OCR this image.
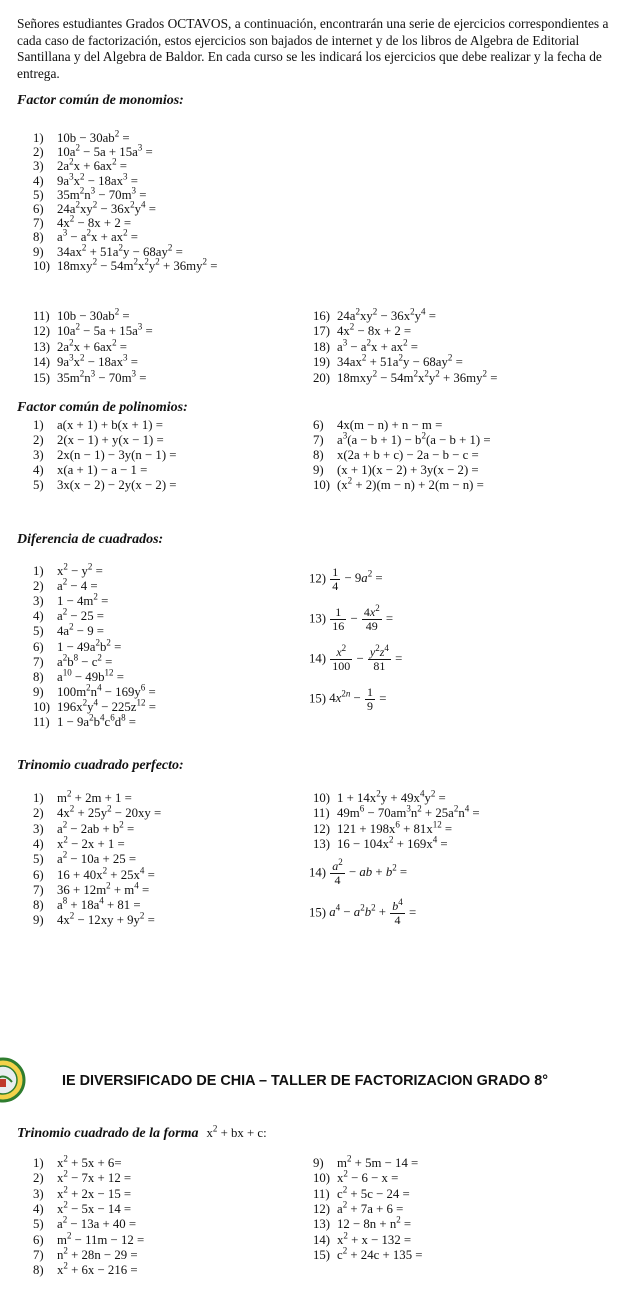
Señores estudiantes Grados OCTAVOS, a continuación, encontrarán una serie de ejercicios correspondientes a cada caso de factorización, estos ejercicios son bajados de internet y de los libros de Algebra de Editorial Santillana y del Algebra de Baldor. En cada curso se les indicará los ejercicios que debe realizar y la fecha de entrega.
Factor común de monomios:
1) $10b - 30ab^2$ =
2) $10a^2 - 5a + 15a^3$ =
3) $2a^2x + 6ax^2$ =
4) $9a^3x^2 - 18ax^3$ =
5) $35m^2n^3 - 70m^3$ =
6) $24a^2xy^2 - 36x^2y^4$ =
7) $4x^2 - 8x + 2$ =
8) $a^3 - a^2x + ax^2$ =
9) $34ax^2 + 51a^2y - 68ay^2$ =
10) $18mxy^2 - 54m^2x^2y^2 + 36my^2$ =
11) $10b - 30ab^2$ =
12) $10a^2 - 5a + 15a^3$ =
13) $2a^2x + 6ax^2$ =
14) $9a^3x^2 - 18ax^3$ =
15) $35m^2n^3 - 70m^3$ =
16) $24a^2xy^2 - 36x^2y^4$ =
17) $4x^2 - 8x + 2$ =
18) $a^3 - a^2x + ax^2$ =
19) $34ax^2 + 51a^2y - 68ay^2$ =
20) $18mxy^2 - 54m^2x^2y^2 + 36my^2$ =
Factor común de polinomios:
1) a(x + 1) + b(x + 1) =
2) 2(x − 1) + y(x − 1) =
3) 2x(n − 1) − 3y(n − 1) =
4) x(a + 1) − a − 1 =
5) 3x(x − 2) − 2y(x − 2) =
6) 4x(m − n) + n − m =
7) $a^3(a - b + 1) - b^2(a - b + 1)$ =
8) x(2a + b + c) − 2a − b − c =
9) (x + 1)(x − 2) + 3y(x − 2) =
10) $(x^2 + 2)(m - n) + 2(m - n)$ =
Diferencia de cuadrados:
1) $x^2 - y^2$ =
2) $a^2 - 4$ =
3) $1 - 4m^2$ =
4) $a^2 - 25$ =
5) $4a^2 - 9$ =
6) $1 - 49a^2b^2$ =
7) $a^2b^8 - c^2$ =
8) $a^{10} - 49b^{12}$ =
9) $100m^2n^4 - 169y^6$ =
10) $196x^2y^4 - 225z^{12}$ =
11) $1 - 9a^2b^4c^6d^8$ =
$12) \frac{1}{4} - 9a^2$ =
$13) \frac{1}{16} - \frac{4x^2}{49}$ =
$14) \frac{x^2}{100} - \frac{y^2z^4}{81}$ =
15) $4x^{2n} - \frac{1}{9}$ =
Trinomio cuadrado perfecto:
1) $m^2 + 2m + 1$ =
2) $4x^2 + 25y^2 - 20xy$ =
3) $a^2 - 2ab + b^2$ =
4) $x^2 - 2x + 1$ =
5) $a^2 - 10a + 25$ =
6) $16 + 40x^2 + 25x^4$ =
7) $36 + 12m^2 + m^4$ =
8) $a^8 + 18a^4 + 81$ =
9) $4x^2 - 12xy + 9y^2$ =
10) $1 + 14x^2y + 49x^4y^2$ =
11) $49m^6 - 70am^3n^2 + 25a^2n^4$ =
12) $121 + 198x^6 + 81x^{12}$ =
13) $16 - 104x^2 + 169x^4$ =
$14) \frac{a^2}{4}$ − ab + $b^2$ =
15) $a^4 - a^2b^2 + \frac{b^4}{4}$ =
IE DIVERSIFICADO DE CHIA – TALLER DE FACTORIZACION GRADO 8°
Trinomio cuadrado de la forma $x^2$ + bx + c:
1) $x^2 + 5x + 6=$
2) $x^2 - 7x + 12$ =
3) $x^2 + 2x - 15$ =
4) $x^2 - 5x - 14$ =
5) $a^2 - 13a + 40$ =
6) $m^2 - 11m - 12$ =
7) $n^2 + 28n - 29$ =
8) $x^2 + 6x - 216$ =
9) $m^2 + 5m - 14$ =
10) $x^2 - 6 - x$ =
11) $c^2 + 5c - 24$ =
12) $a^2 + 7a + 6$ =
13) $12 - 8n + n^2$ =
14) $x^2 + x - 132$ =
15) $c^2 + 24c + 135$ =
